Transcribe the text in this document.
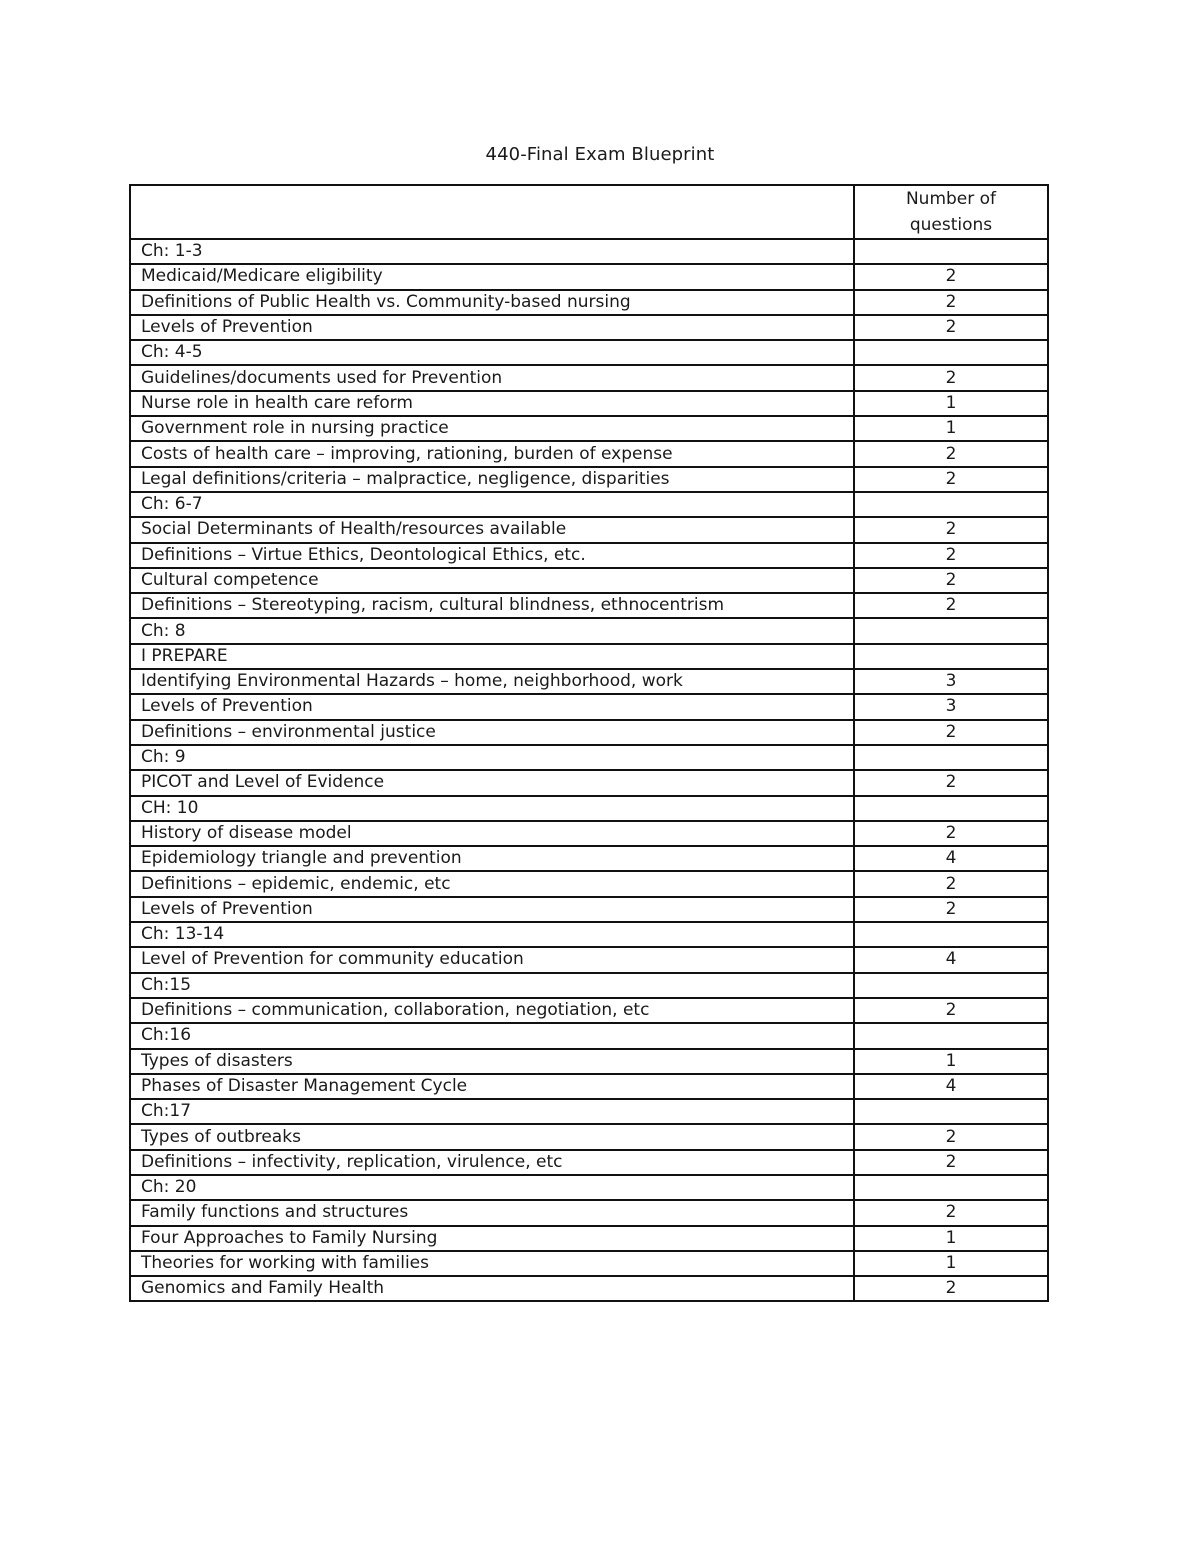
440-Final Exam Blueprint
	Number of questions
Ch: 1-3	
Medicaid/Medicare eligibility	2
Definitions of Public Health vs. Community-based nursing	2
Levels of Prevention	2
Ch: 4-5	
Guidelines/documents used for Prevention	2
Nurse role in health care reform	1
Government role in nursing practice	1
Costs of health care – improving, rationing, burden of expense	2
Legal definitions/criteria – malpractice, negligence, disparities	2
Ch: 6-7	
Social Determinants of Health/resources available	2
Definitions – Virtue Ethics, Deontological Ethics, etc.	2
Cultural competence	2
Definitions – Stereotyping, racism, cultural blindness, ethnocentrism	2
Ch: 8	
I PREPARE	
Identifying Environmental Hazards – home, neighborhood, work	3
Levels of Prevention	3
Definitions – environmental justice	2
Ch: 9	
PICOT and Level of Evidence	2
CH: 10	
History of disease model	2
Epidemiology triangle and prevention	4
Definitions – epidemic, endemic, etc	2
Levels of Prevention	2
Ch: 13-14	
Level of Prevention for community education	4
Ch:15	
Definitions – communication, collaboration, negotiation, etc	2
Ch:16	
Types of disasters	1
Phases of Disaster Management Cycle	4
Ch:17	
Types of outbreaks	2
Definitions – infectivity, replication, virulence, etc	2
Ch: 20	
Family functions and structures	2
Four Approaches to Family Nursing	1
Theories for working with families	1
Genomics and Family Health	2
